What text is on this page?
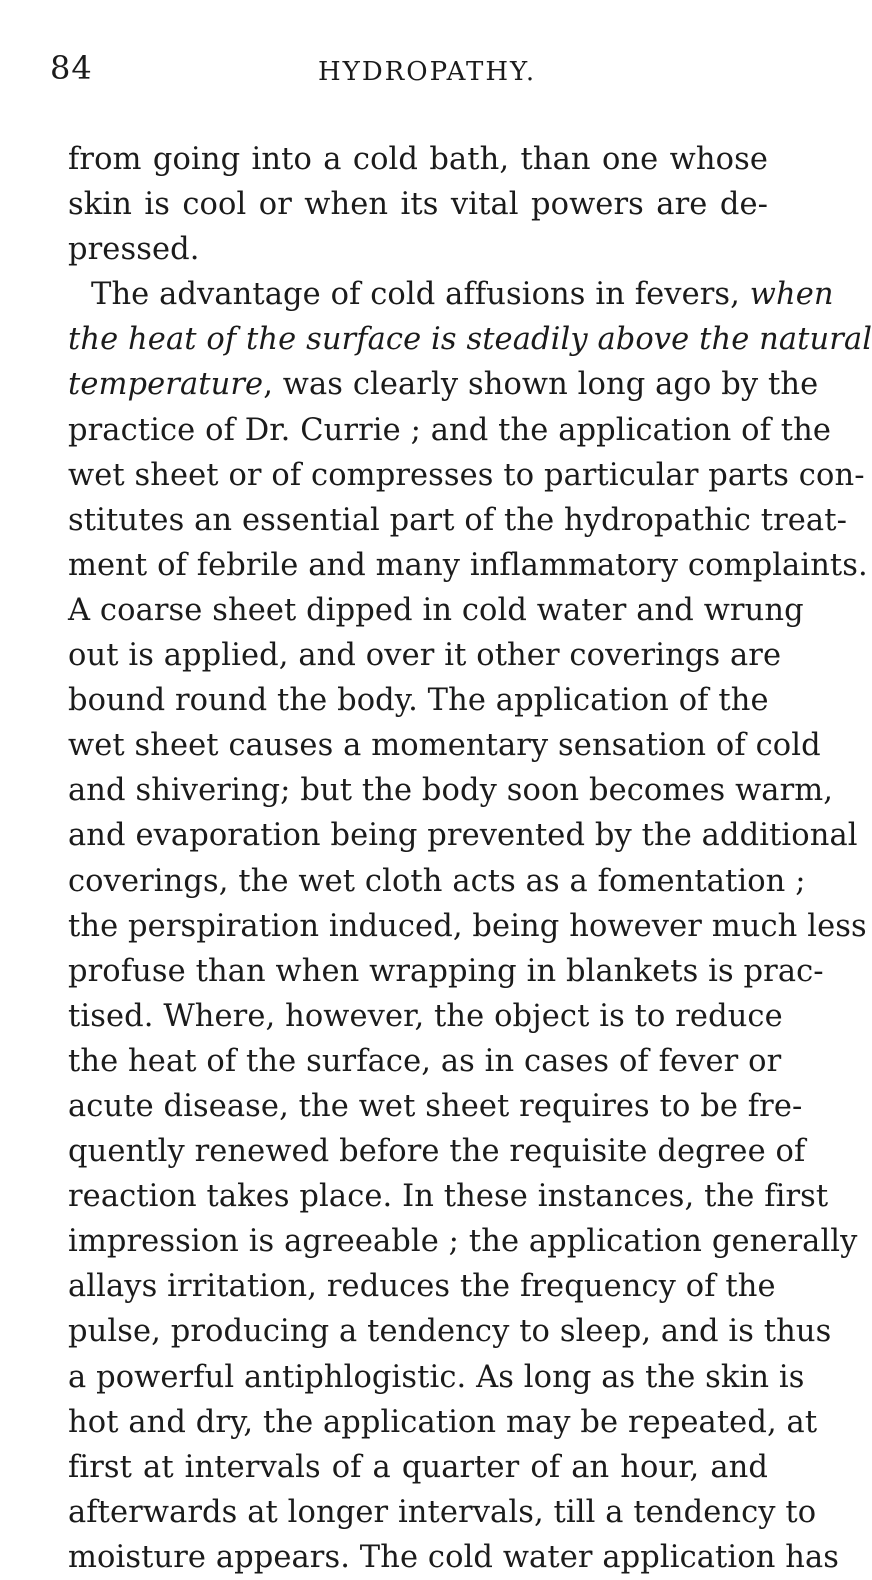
84	HYDROPATHY.
from going into a cold bath, than one whose
skin is cool or when its vital powers are de-
pressed.
The advantage of cold affusions in fevers, when
the heat of the surface is steadily above the natural
temperature, was clearly shown long ago by the
practice of Dr. Currie ; and the application of the
wet sheet or of compresses to particular parts con-
stitutes an essential part of the hydropathic treat-
ment of febrile and many inflammatory complaints.
A coarse sheet dipped in cold water and wrung
out is applied, and over it other coverings are
bound round the body. The application of the
wet sheet causes a momentary sensation of cold
and shivering; but the body soon becomes warm,
and evaporation being prevented by the additional
coverings, the wet cloth acts as a fomentation ;
the perspiration induced, being however much less
profuse than when wrapping in blankets is prac-
tised. Where, however, the object is to reduce
the heat of the surface, as in cases of fever or
acute disease, the wet sheet requires to be fre-
quently renewed before the requisite degree of
reaction takes place. In these instances, the first
impression is agreeable ; the application generally
allays irritation, reduces the frequency of the
pulse, producing a tendency to sleep, and is thus
a powerful antiphlogistic. As long as the skin is
hot and dry, the application may be repeated, at
first at intervals of a quarter of an hour, and
afterwards at longer intervals, till a tendency to
moisture appears. The cold water application has
